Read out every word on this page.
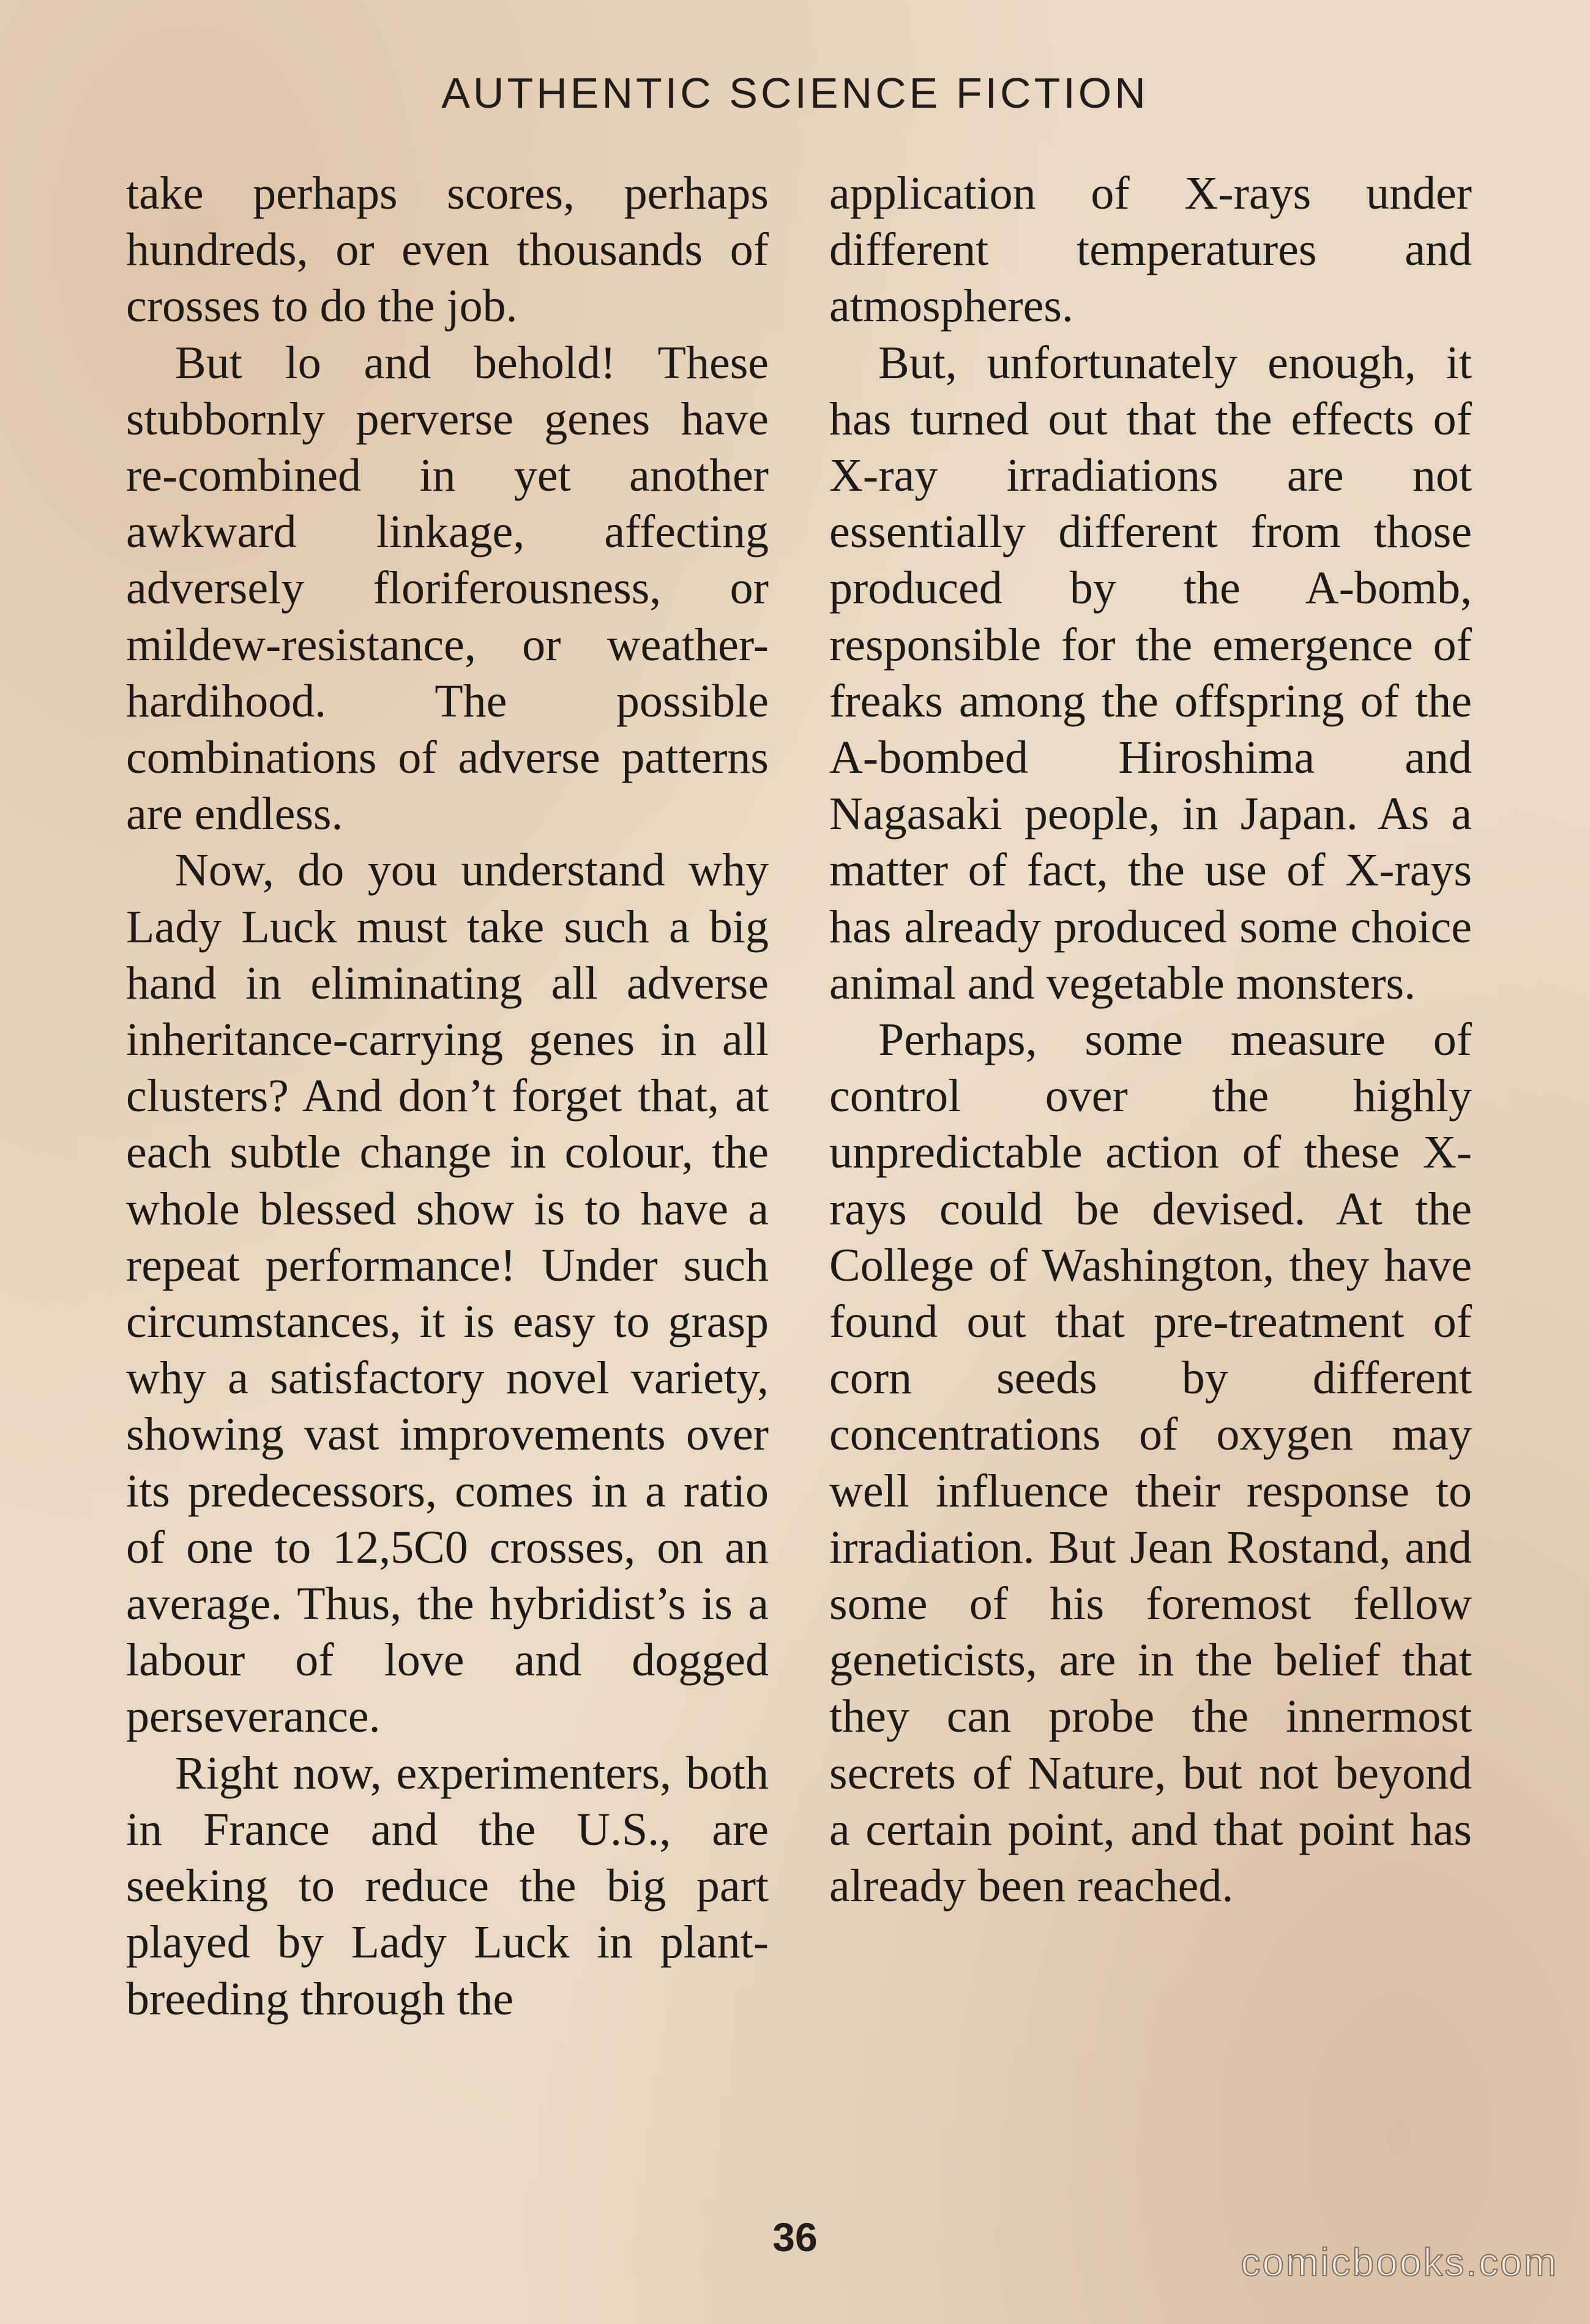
AUTHENTIC SCIENCE FICTION

take perhaps scores, perhaps hundreds, or even thousands of crosses to do the job.

But lo and behold! These stubbornly perverse genes have re-combined in yet another awkward linkage, affecting adversely floriferousness, or mildew-resistance, or weather-hardihood. The possible combinations of adverse patterns are endless.

Now, do you understand why Lady Luck must take such a big hand in eliminating all adverse inheritance-carrying genes in all clusters? And don’t forget that, at each subtle change in colour, the whole blessed show is to have a repeat performance! Under such circumstances, it is easy to grasp why a satisfactory novel variety, showing vast improvements over its predecessors, comes in a ratio of one to 12,5C0 crosses, on an average. Thus, the hybridist’s is a labour of love and dogged perseverance.

Right now, experimenters, both in France and the U.S., are seeking to reduce the big part played by Lady Luck in plant-breeding through the

application of X-rays under different temperatures and atmospheres.

But, unfortunately enough, it has turned out that the effects of X-ray irradiations are not essentially different from those produced by the A-bomb, responsible for the emergence of freaks among the offspring of the A-bombed Hiroshima and Nagasaki people, in Japan. As a matter of fact, the use of X-rays has already produced some choice animal and vegetable monsters.

Perhaps, some measure of control over the highly unpredictable action of these X-rays could be devised. At the College of Washington, they have found out that pre-treatment of corn seeds by different concentrations of oxygen may well influence their response to irradiation. But Jean Rostand, and some of his foremost fellow geneticists, are in the belief that they can probe the innermost secrets of Nature, but not beyond a certain point, and that point has already been reached.

36
comicbooks.com
